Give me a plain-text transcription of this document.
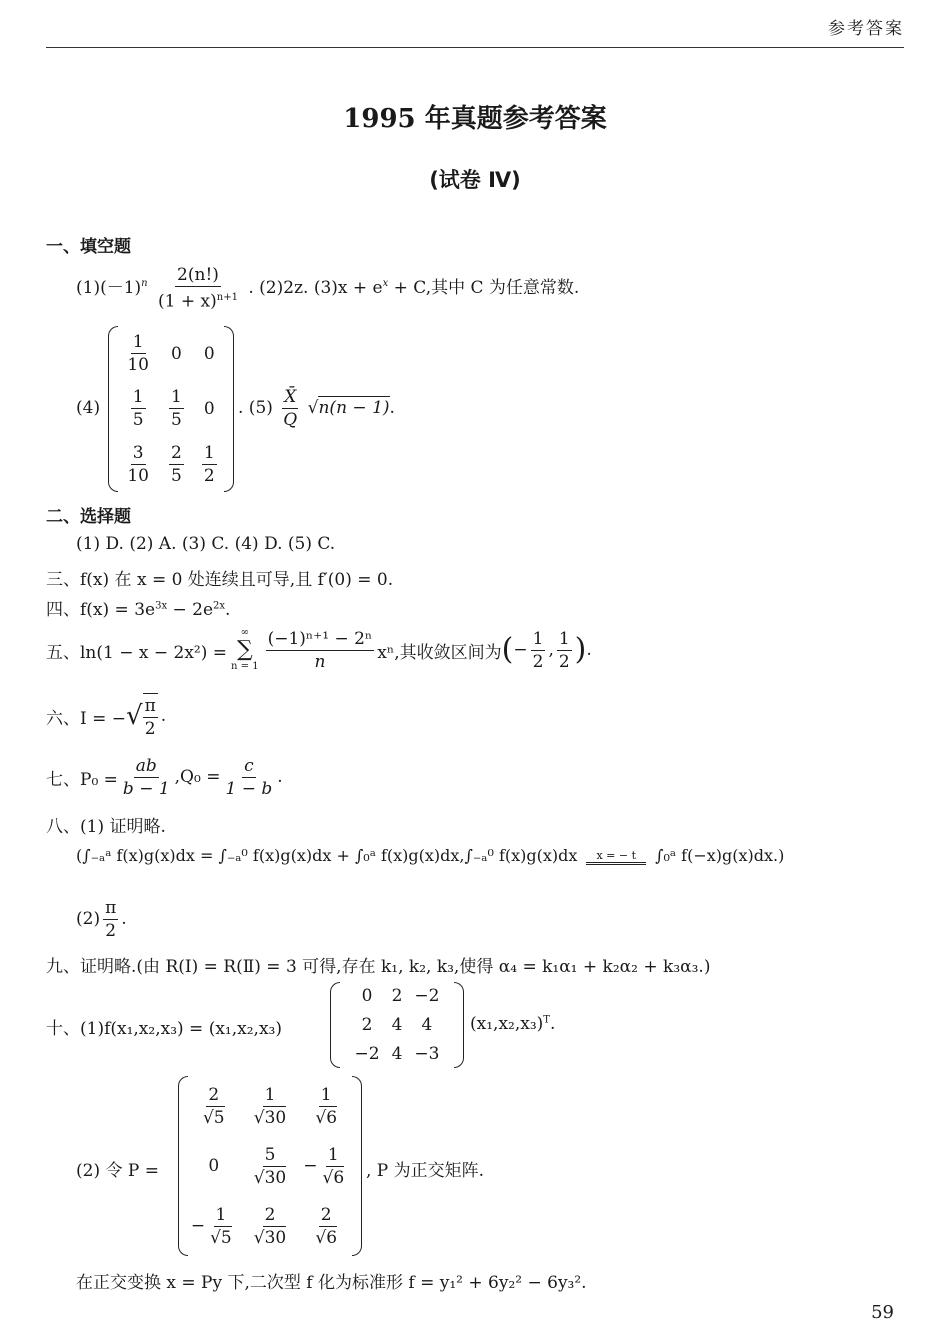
参考答案
1995 年真题参考答案
(试卷 Ⅳ)
一、填空题
$(1)(-1)^n \frac{2(n!)}{(1 + x)^{n+1}}$ . (2)2z. $(3)x + e^x + C$,其中 C 为任意常数.
(4)
$\frac{1}{10}$	0	0

$\frac{1}{5}$	$\frac{1}{5}$	0

$\frac{3}{10}$	$\frac{2}{5}$	$\frac{1}{2}$
. $(5) \frac{X̄}{Q} √n(n - 1)$.
二、选择题
(1) D. (2) A. (3) C. (4) D. (5) C.
三、f(x) 在 x = 0 处连续且可导,且 f′(0) = 0.
四、$f(x) = 3e^{3x} - 2e^{2x}$.
五、ln(1 − x − 2x²) =
∞
∑
$n = 1 \frac{\text{(−1)ⁿ⁺¹ − 2ⁿ}}{n} x^n$,其收敛区间为 ( − $\frac{1}{2}$ , $\frac{1}{2}$ ) .
六、I = − √ $\frac{\pi}{2}$ .
七、$P_0 = \frac{ab}{b - 1} ,Q_0 = \frac{c}{1 - b}$ .
八、(1) 证明略.
(∫₋ₐᵃ f(x)g(x)dx = ∫₋ₐ⁰ f(x)g(x)dx + ∫₀ᵃ f(x)g(x)dx,∫₋ₐ⁰ f(x)g(x)dx x = − t ∫₀ᵃ f(−x)g(x)dx.)
$(2) \frac{\pi}{2}$ .
九、证明略.(由 R(Ⅰ) = R(Ⅱ) = 3 可得,存在 k₁, k₂, k₃,使得 α₄ = k₁α₁ + k₂α₂ + k₃α₃.)
十、(1)f(x₁,x₂,x₃) = (x₁,x₂,x₃)
0	2	−2
2	4	4
−2	4	−3
$(x_1,x_2,x_3)^T$.
(2) 令 P =
$\frac{2}{√5}$	$\frac{1}{√30}$	$\frac{1}{√6}$

0	$\frac{5}{√30}$	− $\frac{1}{√6}$

− $\frac{1}{√5}$	$\frac{2}{√30}$	$\frac{2}{√6}$
, P 为正交矩阵.
在正交变换 x = Py 下,二次型 f 化为标准形 f = y₁² + 6y₂² − 6y₃².
59
